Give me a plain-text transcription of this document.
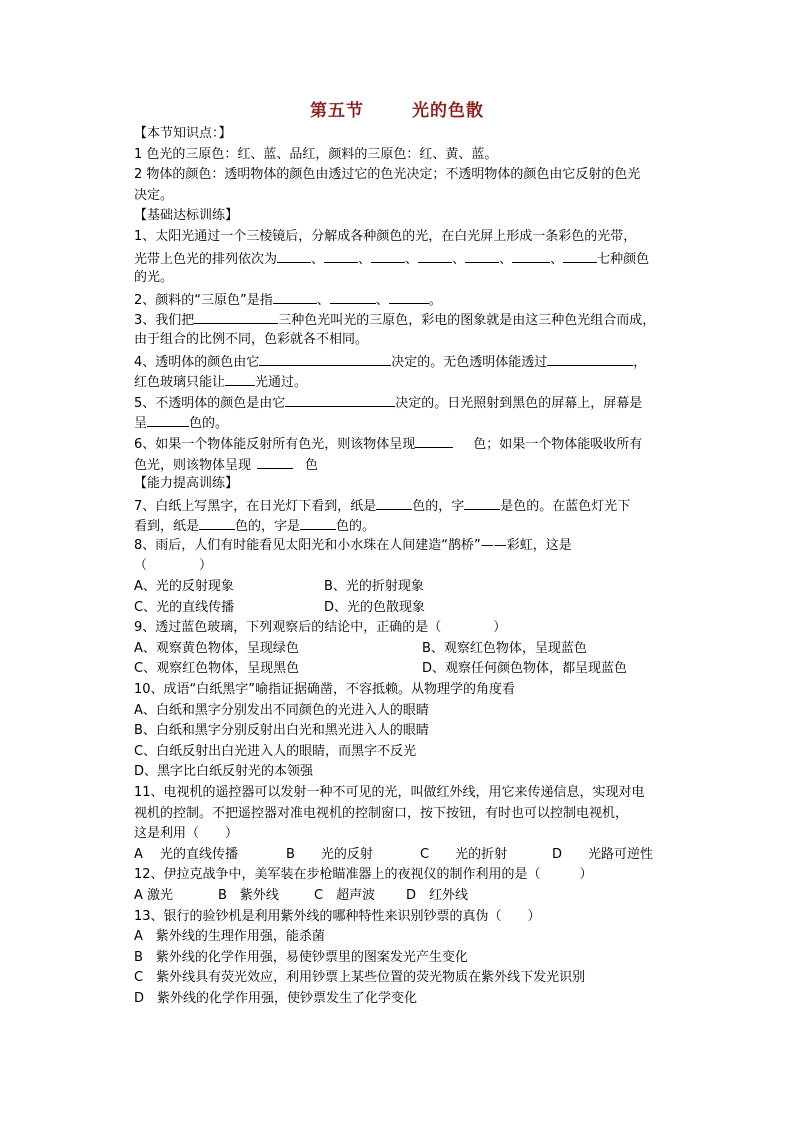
第五节	光的色散
【本节知识点：】
1 色光的三原色：红、蓝、品红，颜料的三原色：红、黄、蓝。
2 物体的颜色：透明物体的颜色由透过它的色光决定；不透明物体的颜色由它反射的色光
决定。
【基础达标训练】
1、太阳光通过一个三棱镜后，分解成各种颜色的光，在白光屏上形成一条彩色的光带，
光带上色光的排列依次为	、	、	、	、	、	、	七种颜色
的光。
2、颜料的“三原色”是指	、	、	。
3、我们把	三种色光叫光的三原色，彩电的图象就是由这三种色光组合而成，
由于组合的比例不同，色彩就各不相同。
4、透明体的颜色由它	决定的。无色透明体能透过	，
红色玻璃只能让 光通过。
5、不透明体的颜色是由它	决定的。日光照射到黑色的屏幕上，屏幕是
呈	色的。
6、如果一个物体能反射所有色光，则该物体呈现	色；如果一个物体能吸收所有
色光，则该物体呈现	色
【能力提高训练】
7、白纸上写黑字，在日光灯下看到，纸是	色的，字	是色的。在蓝色灯光下
看到，纸是	色的，字是	色的。
8、雨后，人们有时能看见太阳光和小水珠在人间建造“鹊桥”——彩虹，这是
（　　　　）
A、光的反射现象	B、光的折射现象
C、光的直线传播	D、光的色散现象
9、透过蓝色玻璃，下列观察后的结论中，正确的是（　　　　）
A、观察黄色物体，呈现绿色	B、观察红色物体，呈现蓝色
C、观察红色物体，呈现黑色	D、观察任何颜色物体，都呈现蓝色
10、成语“白纸黑字”喻指证据确凿，不容抵赖。从物理学的角度看
A、白纸和黑字分别发出不同颜色的光进入人的眼睛
B、白纸和黑字分别反射出白光和黑光进入人的眼睛
C、白纸反射出白光进入人的眼睛，而黑字不反光
D、黑字比白纸反射光的本领强
11、电视机的遥控器可以发射一种不可见的光，叫做红外线，用它来传递信息，实现对电
视机的控制。不把遥控器对准电视机的控制窗口，按下按钮，有时也可以控制电视机，
这是利用（　　）
A　 光的直线传播	B　　光的反射	C　　光的折射	D　　光路可逆性
12、伊拉克战争中，美军装在步枪瞄准器上的夜视仪的制作利用的是（　　　）
A 激光	B　紫外线	C　超声波	D　红外线
13、银行的验钞机是利用紫外线的哪种特性来识别钞票的真伪（　　）
A　紫外线的生理作用强，能杀菌
B　紫外线的化学作用强，易使钞票里的图案发光产生变化
C　紫外线具有荧光效应，利用钞票上某些位置的荧光物质在紫外线下发光识别
D　紫外线的化学作用强，使钞票发生了化学变化
